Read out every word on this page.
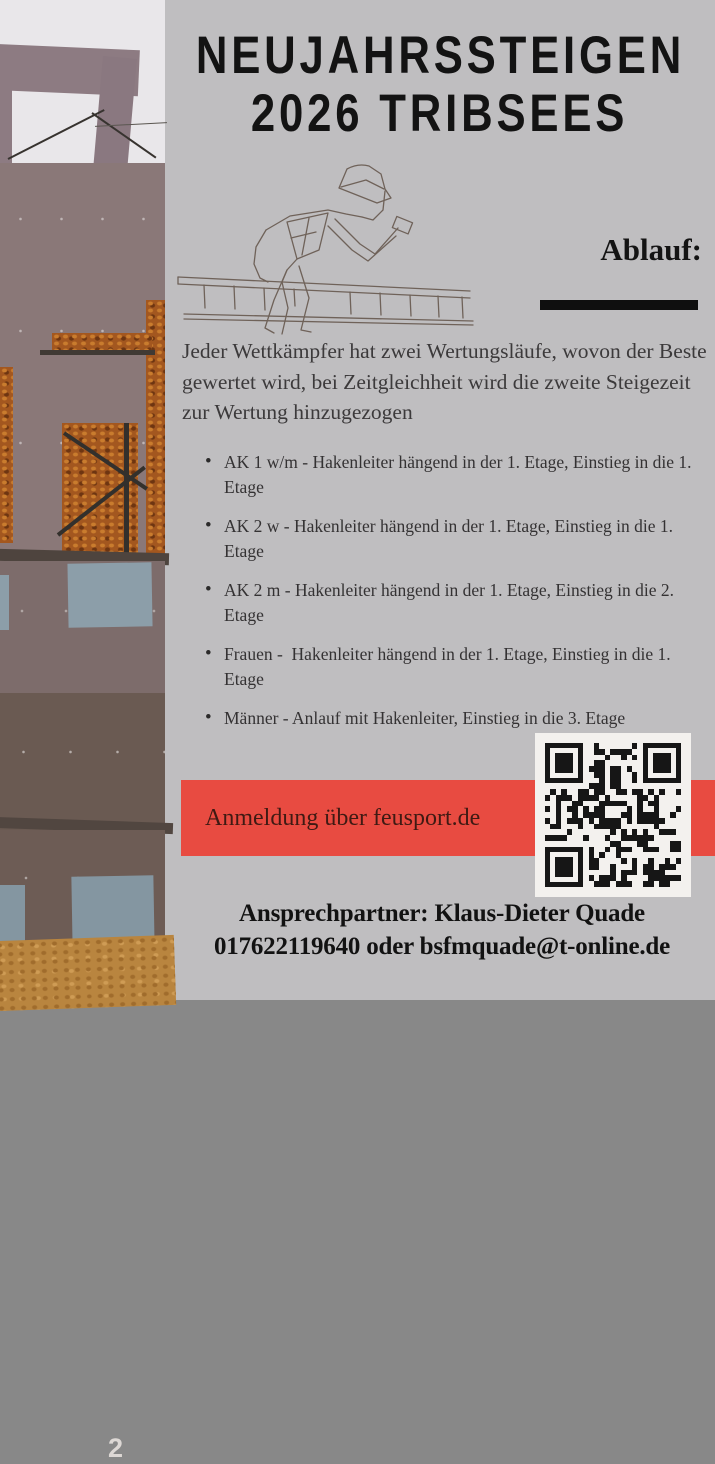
2
NEUJAHRSSTEIGEN
2026 TRIBSEES
Ablauf:

Jeder Wettkämpfer hat zwei Wertungsläufe, wovon der Beste gewertet wird, bei Zeitgleichheit wird die zweite Steigezeit zur Wertung hinzugezogen

• AK 1 w/m - Hakenleiter hängend in der 1. Etage, Einstieg in die 1. Etage
• AK 2 w - Hakenleiter hängend in der 1. Etage, Einstieg in die 1. Etage
• AK 2 m - Hakenleiter hängend in der 1. Etage, Einstieg in die 2. Etage
• Frauen -  Hakenleiter hängend in der 1. Etage, Einstieg in die 1. Etage
• Männer - Anlauf mit Hakenleiter, Einstieg in die 3. Etage
Anmeldung über feusport.de
Ansprechpartner: Klaus-Dieter Quade
017622119640 oder bsfmquade@t-online.de
